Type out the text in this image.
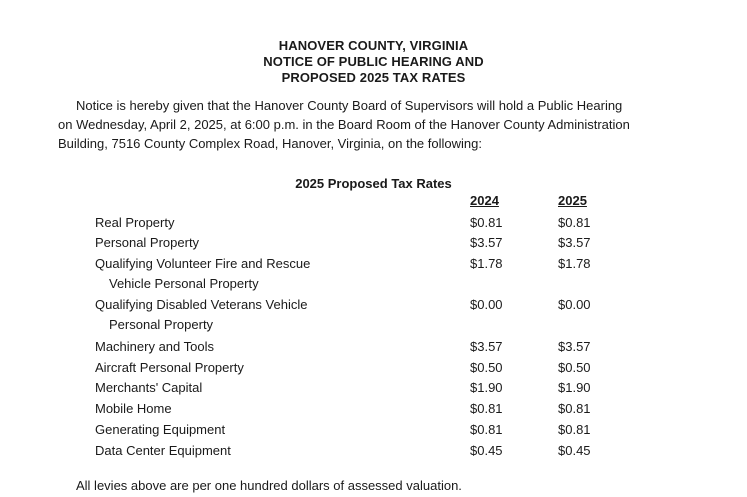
HANOVER COUNTY, VIRGINIA
NOTICE OF PUBLIC HEARING AND
PROPOSED 2025 TAX RATES

Notice is hereby given that the Hanover County Board of Supervisors will hold a Public Hearing
on Wednesday, April 2, 2025, at 6:00 p.m. in the Board Room of the Hanover County Administration
Building, 7516 County Complex Road, Hanover, Virginia, on the following:

2025 Proposed Tax Rates
2024	2025
Real Property	$0.81	$0.81
Personal Property	$3.57	$3.57
Qualifying Volunteer Fire and Rescue
Vehicle Personal Property
$1.78	$1.78
Qualifying Disabled Veterans Vehicle
Personal Property
$0.00	$0.00
Machinery and Tools	$3.57	$3.57
Aircraft Personal Property	$0.50	$0.50
Merchants' Capital	$1.90	$1.90
Mobile Home	$0.81	$0.81
Generating Equipment	$0.81	$0.81
Data Center Equipment	$0.45	$0.45
All levies above are per one hundred dollars of assessed valuation.
